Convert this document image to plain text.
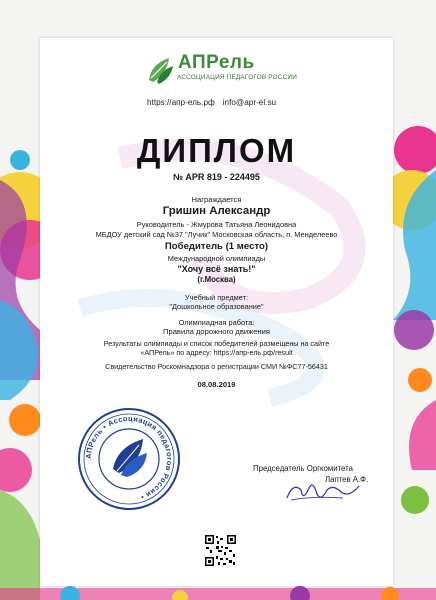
АПРель
АССОЦИАЦИЯ ПЕДАГОГОВ РОССИИ
https://апр-ель.рф info@apr-el.su
ДИПЛОМ
№ APR 819 - 224495
Награждается
Гришин Александр
Руководитель - Жмурова Татьяна Леонидовна
МБДОУ детский сад №37 "Лучик" Московская область, п. Менделеево
Победитель (1 место)
Международной олимпиады
"Хочу всё знать!"
(г.Москва)
Учебный предмет:
"Дошкольное образование"
Олимпиадная работа:
Правила дорожного движения
Результаты олимпиады и список победителей размещены на сайте
«АПРель» по адресу: https://апр-ель.рф/result
Свидетельство Роскомнадзора о регистрации СМИ №ФС77-56431
08.08.2019
АПРель • Ассоциация педагогов России •
Председатель Оргкомитета
Лаптев А.Ф.
